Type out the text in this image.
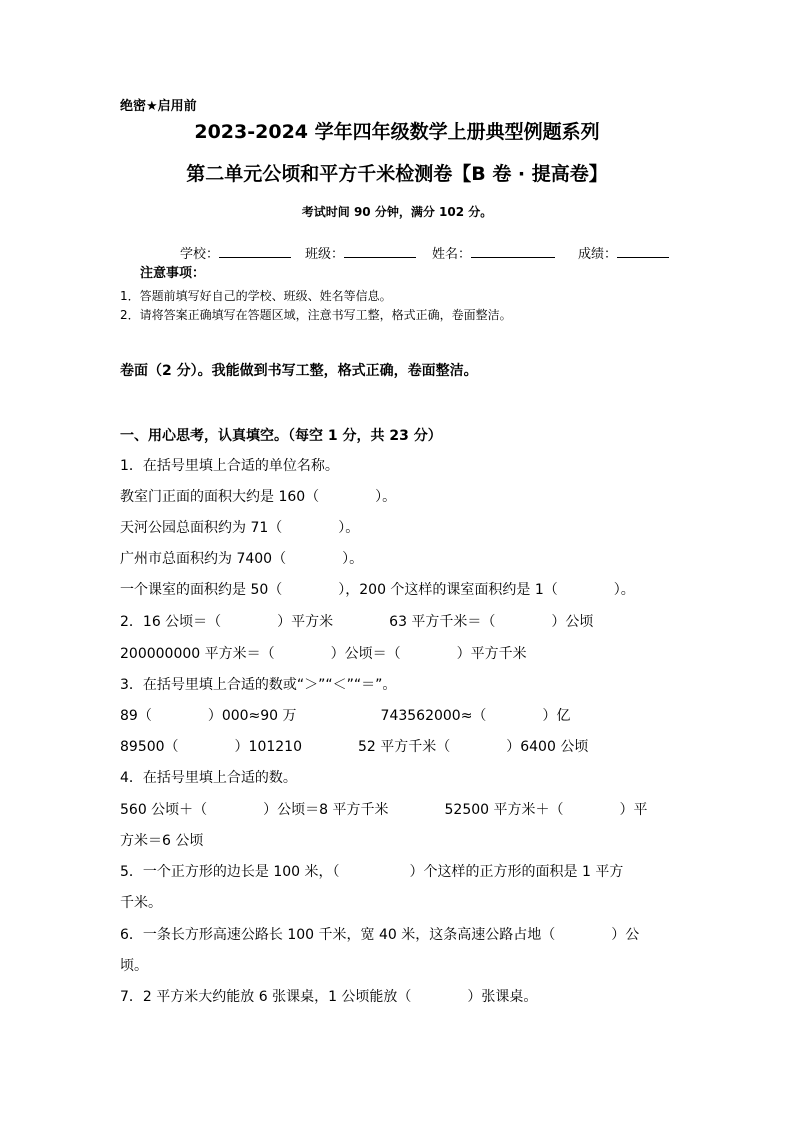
绝密★启用前
2023-2024 学年四年级数学上册典型例题系列
第二单元公顷和平方千米检测卷【B 卷 · 提高卷】
考试时间 90 分钟，满分 102 分。
学校：	班级：	姓名：	成绩：
注意事项：
1．答题前填写好自己的学校、班级、姓名等信息。
2．请将答案正确填写在答题区域，注意书写工整，格式正确，卷面整洁。
卷面（2 分）。我能做到书写工整，格式正确，卷面整洁。
一、用心思考，认真填空。（每空 1 分，共 23 分）
1．在括号里填上合适的单位名称。
教室门正面的面积大约是 160（　　　　）。
天河公园总面积约为 71（　　　　）。
广州市总面积约为 7400（　　　　）。
一个课室的面积约是 50（　　　　），200 个这样的课室面积约是 1（　　　　）。
2．16 公顷＝（　　　　）平方米　　　　63 平方千米＝（　　　　）公顷
200000000 平方米＝（　　　　）公顷＝（　　　　）平方千米
3．在括号里填上合适的数或“＞”“＜”“＝”。
89（　　　　）000≈90 万　　　　　　743562000≈（　　　　）亿
89500（　　　　）101210　　　　52 平方千米（　　　　）6400 公顷
4．在括号里填上合适的数。
560 公顷＋（　　　　）公顷＝8 平方千米　　　　52500 平方米＋（　　　　）平
方米＝6 公顷
5．一个正方形的边长是 100 米，（　　　　　）个这样的正方形的面积是 1 平方
千米。
6．一条长方形高速公路长 100 千米，宽 40 米，这条高速公路占地（　　　　）公
顷。
7．2 平方米大约能放 6 张课桌，1 公顷能放（　　　　）张课桌。
